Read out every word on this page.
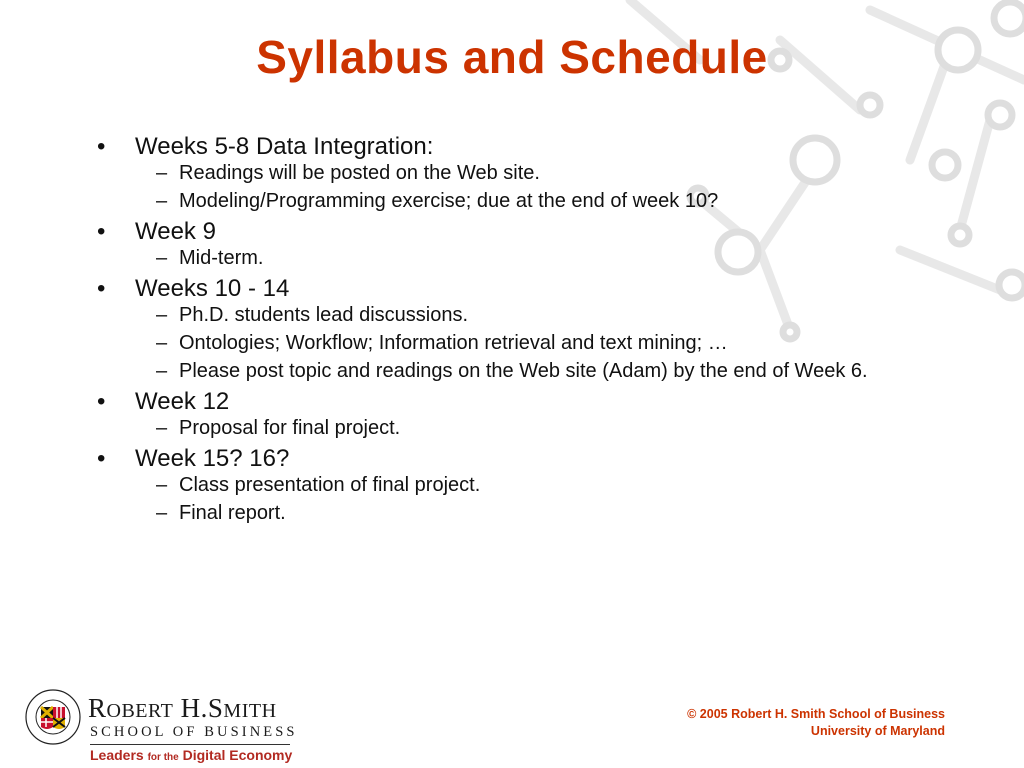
Syllabus and Schedule
• Weeks 5-8 Data Integration:
– Readings will be posted on the Web site.
– Modeling/Programming exercise; due at the end of week 10?
• Week 9
– Mid-term.
• Weeks 10 - 14
– Ph.D. students lead discussions.
– Ontologies; Workflow; Information retrieval and text mining; …
– Please post topic and readings on the Web site (Adam) by the end of Week 6.
• Week 12
– Proposal for final project.
• Week 15? 16?
– Class presentation of final project.
– Final report.
ROBERT H.SMITH
SCHOOL OF BUSINESS
Leaders for the Digital Economy
© 2005 Robert H. Smith School of Business
University of Maryland
